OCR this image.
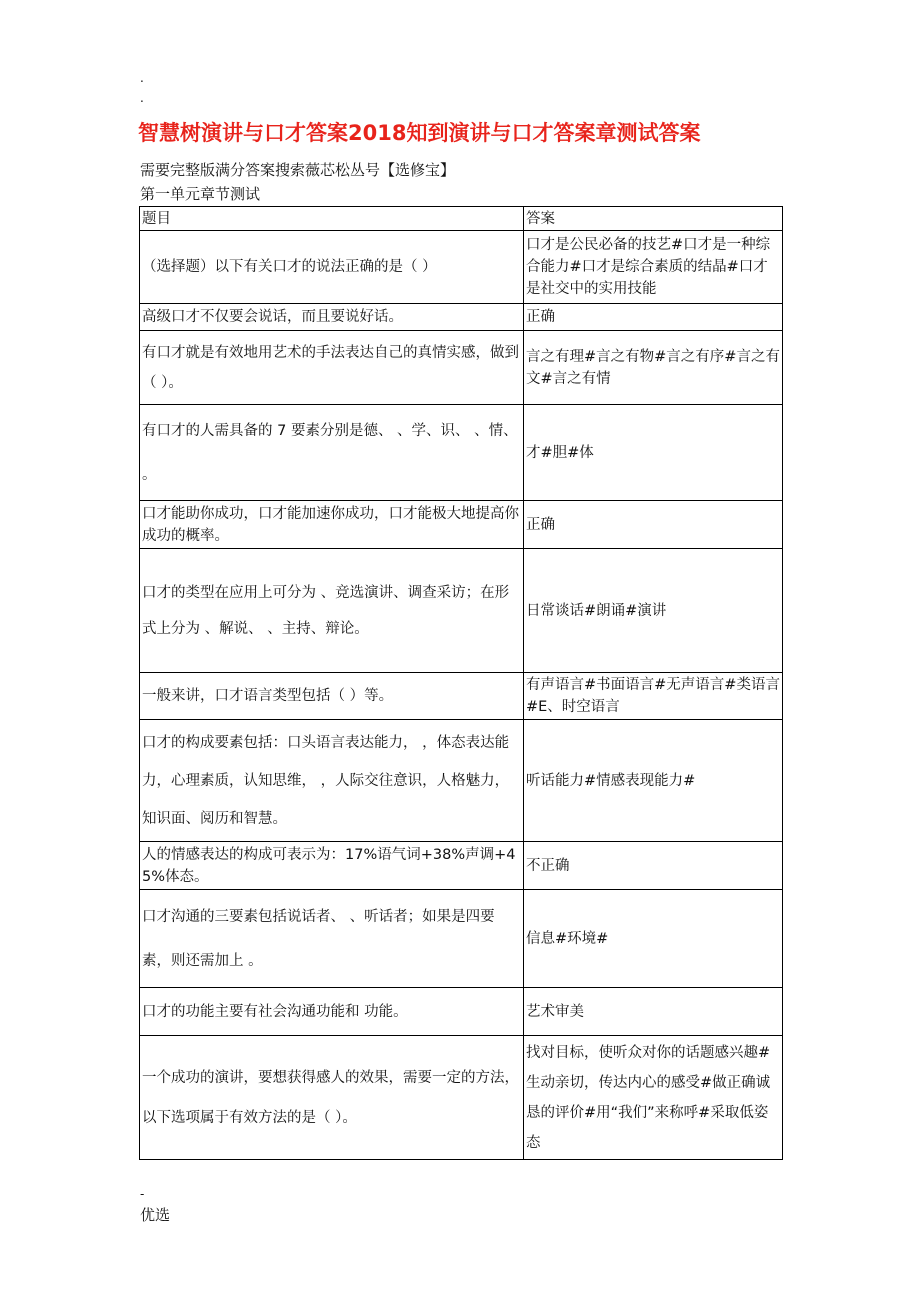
.
.
智慧树演讲与口才答案2018知到演讲与口才答案章测试答案
需要完整版满分答案搜索薇芯松丛号【选修宝】
第一单元章节测试
题目	答案
（选择题）以下有关口才的说法正确的是（ ）	口才是公民必备的技艺#口才是一种综合能力#口才是综合素质的结晶#口才是社交中的实用技能
高级口才不仅要会说话，而且要说好话。	正确
有口才就是有效地用艺术的手法表达自己的真情实感，做到（ ）。	言之有理#言之有物#言之有序#言之有文#言之有情
有口才的人需具备的 7 要素分别是德、 、学、识、 、情、 。	才#胆#体
口才能助你成功，口才能加速你成功，口才能极大地提高你成功的概率。	正确
口才的类型在应用上可分为 、竞选演讲、调查采访；在形式上分为 、解说、 、主持、辩论。	日常谈话#朗诵#演讲
一般来讲，口才语言类型包括（ ）等。	有声语言#书面语言#无声语言#类语言#E、时空语言
口才的构成要素包括：口头语言表达能力， ，体态表达能力，心理素质，认知思维， ，人际交往意识，人格魅力，知识面、阅历和智慧。	听话能力#情感表现能力#
人的情感表达的构成可表示为：17%语气词+38%声调+45%体态。	不正确
口才沟通的三要素包括说话者、 、听话者；如果是四要素，则还需加上 。	信息#环境#
口才的功能主要有社会沟通功能和 功能。	艺术审美
一个成功的演讲，要想获得感人的效果，需要一定的方法，以下选项属于有效方法的是（ ）。	找对目标，使听众对你的话题感兴趣#生动亲切，传达内心的感受#做正确诚恳的评价#用“我们”来称呼#采取低姿态
-
优选
